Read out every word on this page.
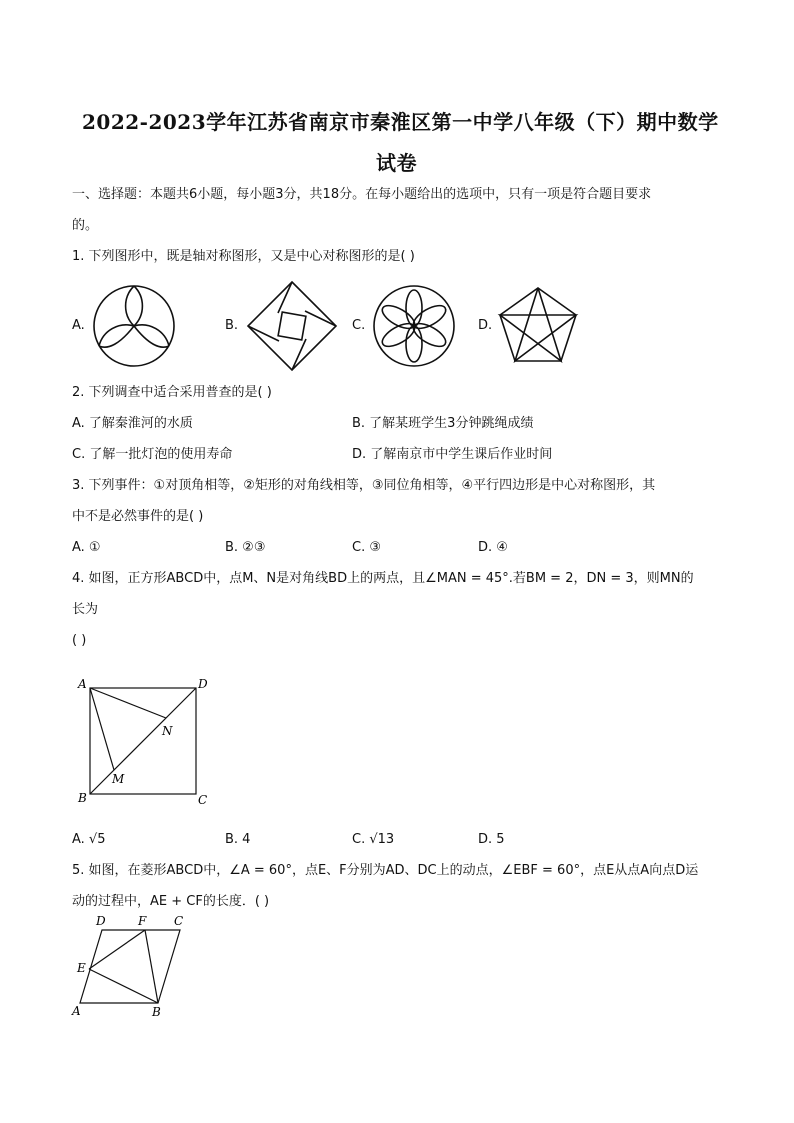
2022-2023学年江苏省南京市秦淮区第一中学八年级（下）期中数学
试卷
一、选择题：本题共6小题，每小题3分，共18分。在每小题给出的选项中，只有一项是符合题目要求
的。
1. 下列图形中，既是轴对称图形，又是中心对称图形的是( )
A.	B.	C.	D.
2. 下列调查中适合采用普查的是( )
A. 了解秦淮河的水质	B. 了解某班学生3分钟跳绳成绩
C. 了解一批灯泡的使用寿命	D. 了解南京市中学生课后作业时间
3. 下列事件：①对顶角相等，②矩形的对角线相等，③同位角相等，④平行四边形是中心对称图形，其
中不是必然事件的是( )
A. ①	B. ②③	C. ③	D. ④
4. 如图，正方形ABCD中，点M、N是对角线BD上的两点，且∠MAN = 45°.若BM = 2，DN = 3，则MN的
长为
( )
A	D
N
M
B	C
A. √5	B. 4	C. √13	D. 5
5. 如图，在菱形ABCD中，∠A = 60°，点E、F分别为AD、DC上的动点，∠EBF = 60°，点E从点A向点D运
动的过程中，AE + CF的长度．( )
D	F C
E
A	B
